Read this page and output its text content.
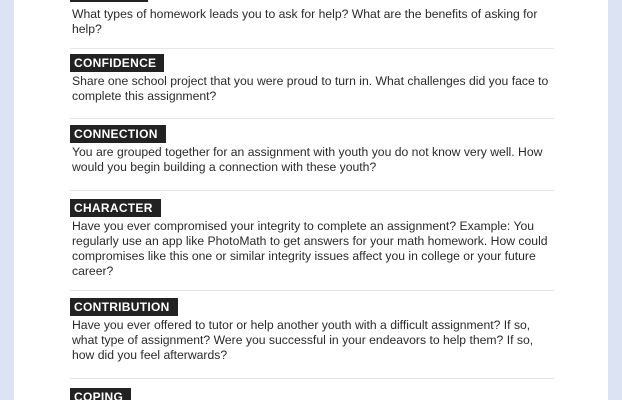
What types of homework leads you to ask for help? What are the benefits of asking for help?

CONFIDENCE

Share one school project that you were proud to turn in. What challenges did you face to complete this assignment?

CONNECTION

You are grouped together for an assignment with youth you do not know very well. How would you begin building a connection with these youth?

CHARACTER

Have you ever compromised your integrity to complete an assignment? Example: You regularly use an app like PhotoMath to get answers for your math homework. How could compromises like this one or similar integrity issues affect you in college or your future career?

CONTRIBUTION

Have you ever offered to tutor or help another youth with a difficult assignment? If so, what type of assignment? Were you successful in your endeavors to help them? If so, how did you feel afterwards?

COPING
